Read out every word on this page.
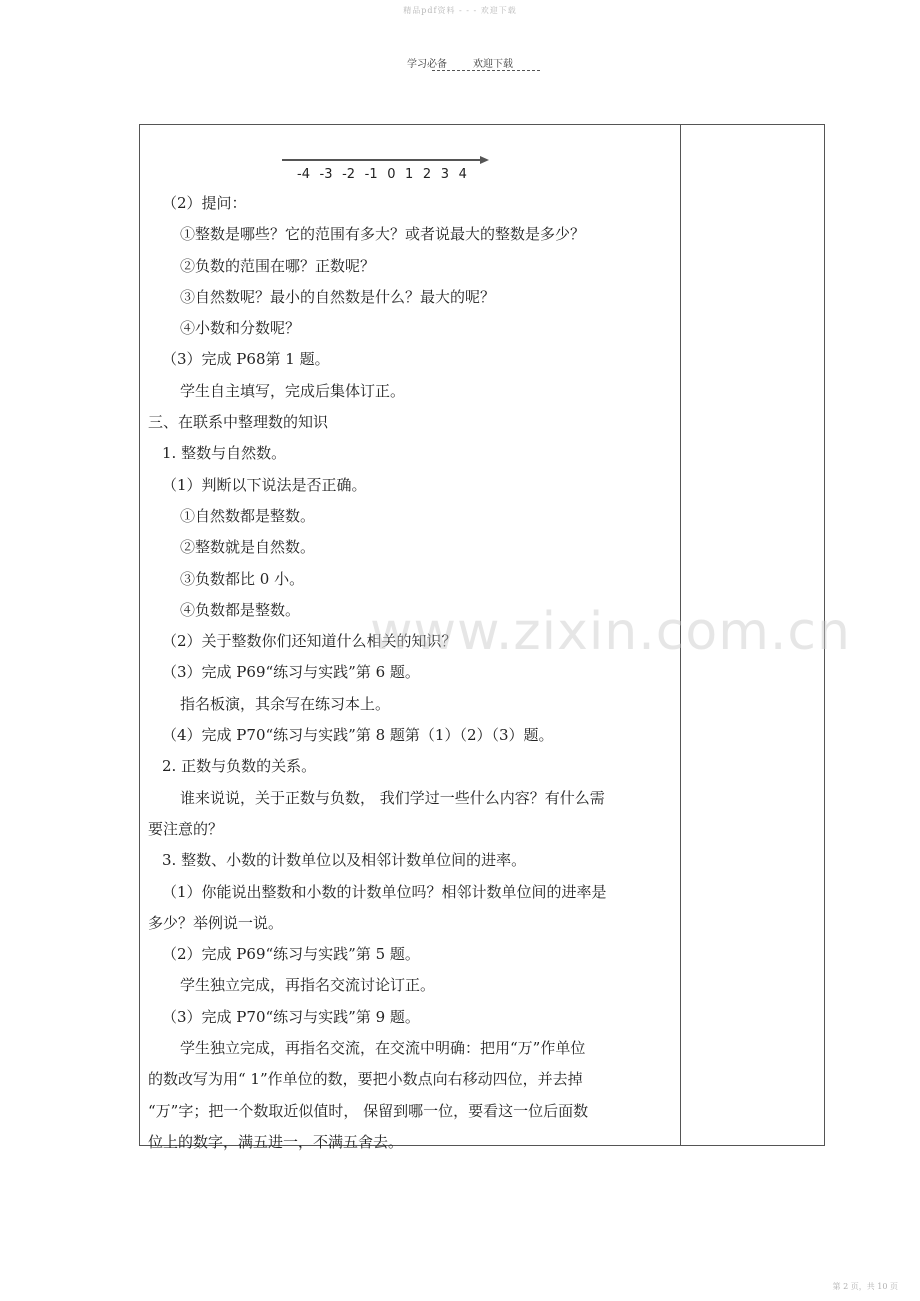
精品pdf资料 - - - 欢迎下载
学习必备	欢迎下载
-4 -3 -2 -1 0 1 2 3 4
（2）提问：
①整数是哪些？它的范围有多大？或者说最大的整数是多少？
②负数的范围在哪？正数呢？
③自然数呢？最小的自然数是什么？最大的呢？
④小数和分数呢？
（3）完成 P68第 1 题。
学生自主填写，完成后集体订正。
三、在联系中整理数的知识
1. 整数与自然数。
（1）判断以下说法是否正确。
①自然数都是整数。
②整数就是自然数。
③负数都比 0 小。
④负数都是整数。
（2）关于整数你们还知道什么相关的知识？
（3）完成 P69“练习与实践”第 6 题。
指名板演，其余写在练习本上。
（4）完成 P70“练习与实践”第 8 题第（1）（2）（3）题。
2. 正数与负数的关系。
谁来说说，关于正数与负数， 我们学过一些什么内容？有什么需
要注意的？
3. 整数、小数的计数单位以及相邻计数单位间的进率。
（1）你能说出整数和小数的计数单位吗？相邻计数单位间的进率是
多少？举例说一说。
（2）完成 P69“练习与实践”第 5 题。
学生独立完成，再指名交流讨论订正。
（3）完成 P70“练习与实践”第 9 题。
学生独立完成，再指名交流，在交流中明确：把用“万”作单位
的数改写为用“ 1”作单位的数，要把小数点向右移动四位，并去掉
“万”字；把一个数取近似值时， 保留到哪一位，要看这一位后面数
位上的数字，满五进一，不满五舍去。
www.zixin.com.cn
第 2 页，共 10 页
